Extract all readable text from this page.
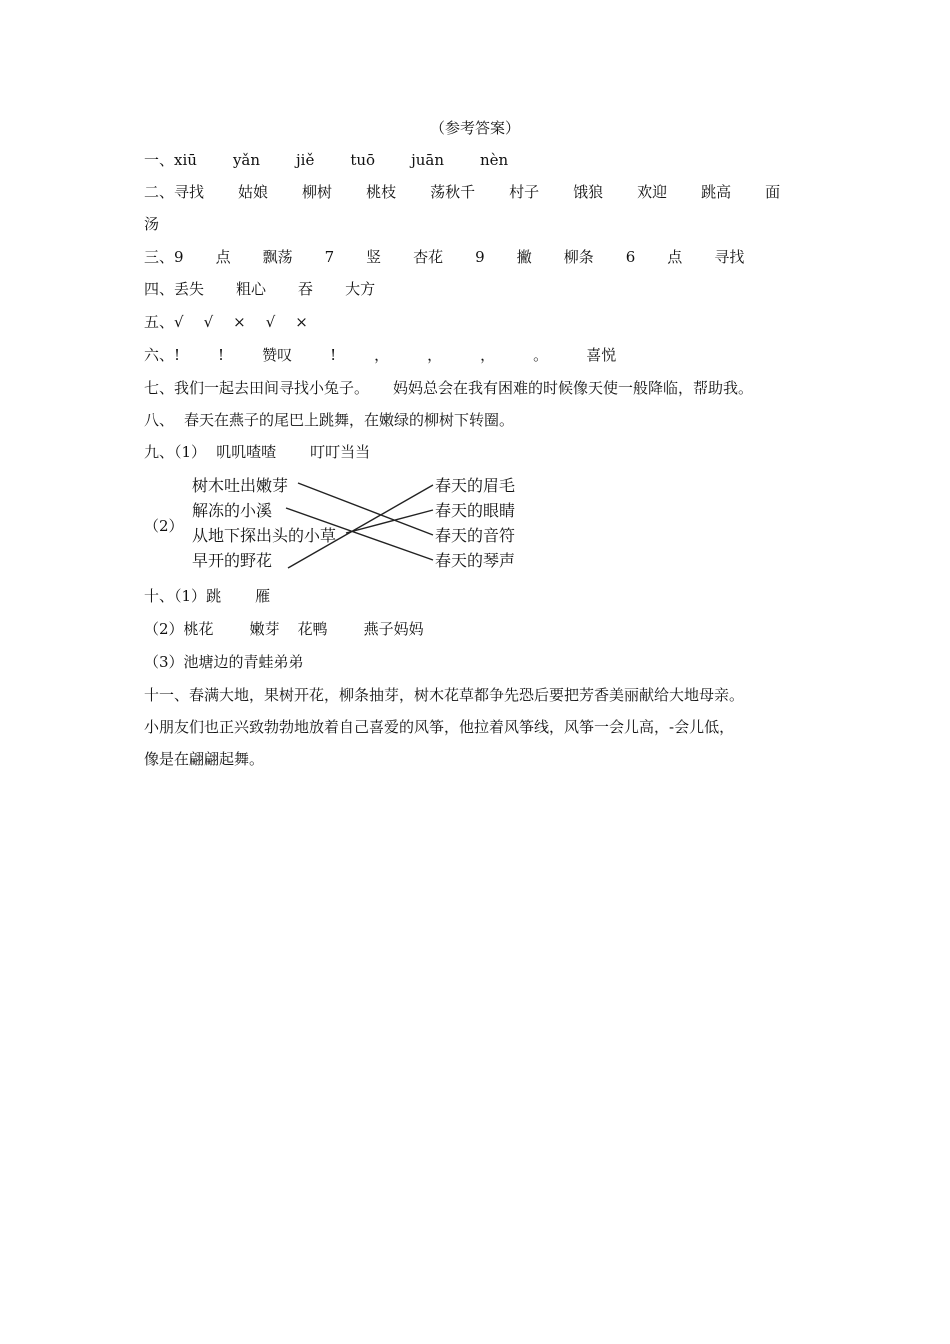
（参考答案）
一、xiū yǎn jiě tuō juān nèn
二、寻找 姑娘 柳树 桃枝 荡秋千 村子 饿狼 欢迎 跳高 面
汤
三、9 点 飘荡 7 竖 杏花 9 撇 柳条 6 点 寻找
四、丢失 粗心 吞 大方
五、√ √ × √ ×
六、!	!	赞叹	!	，	，	，	。	喜悦
七、我们一起去田间寻找小兔子。 妈妈总会在我有困难的时候像天使一般降临，帮助我。
八、 春天在燕子的尾巴上跳舞，在嫩绿的柳树下转圈。
九、（1） 叽叽喳喳 叮叮当当
（2）
树木吐出嫩芽
解冻的小溪
从地下探出头的小草
早开的野花
春天的眉毛
春天的眼睛
春天的音符
春天的琴声
十、（1）跳 雁
（2）桃花 嫩芽 花鸭 燕子妈妈
（3）池塘边的青蛙弟弟
十一、春满大地，果树开花，柳条抽芽，树木花草都争先恐后要把芳香美丽献给大地母亲。
小朋友们也正兴致勃勃地放着自己喜爱的风筝，他拉着风筝线，风筝一会儿高，-会儿低，
像是在翩翩起舞。
